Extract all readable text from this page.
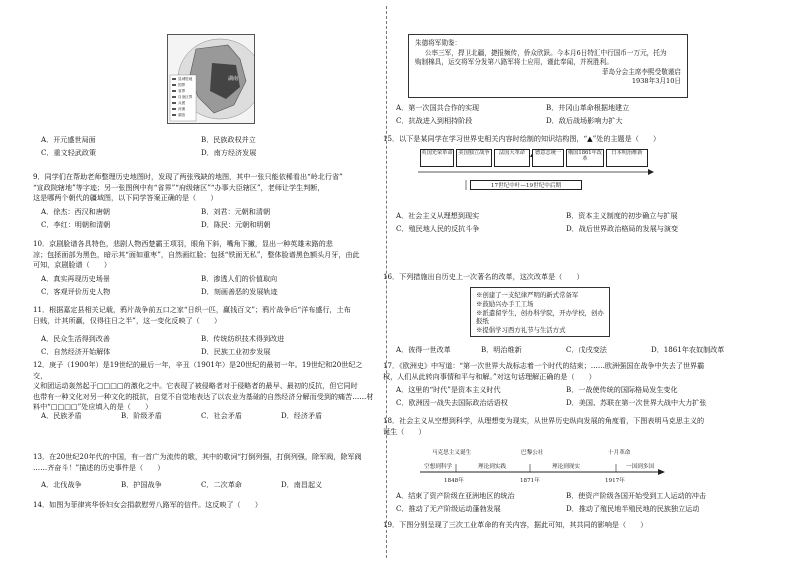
湖南
县城驻地
国界
省界
自治区界
兵团
河流
湖泊
A．开元盛世局面	B．民族政权并立
C．重文轻武政策	D．南方经济发展

9．同学们在帮助老师整理历史地图时，发现了两张残缺的地图，其中一张只能依稀看出“岭北行省”

“宣政院辖地”等字迹；另一张图例中有“省界”“府级辖区”“办事大臣辖区”，老师让学生判断，

这是哪两个朝代的疆域图，以下同学答案正确的是（　　）

A．徐杰：西汉和唐朝	B．刘君：元朝和清朝
C．李红：明朝和清朝	D．陈民：元朝和明朝

10．京剧脸谱各具特色，悲剧人物西楚霸王项羽，眼角下斜，嘴角下撇，显出一种英雄末路的悲

凉；包拯面部为黑色，暗示其“面如重枣”，自然画红脸；包拯“铁面无私”，整体脸谱黑色额头月牙，由此

可知，京剧脸谱（　　）

A．真实再现历史场景	B．渗透人们的价值取向
C．客观评价历史人物	D．刻画善恶的发展轨迹

11．根据嘉定县相关记载，鸦片战争前五口之家“日织一匹，赢钱百文”；鸦片战争后“洋布盛行，土布

日贱，计其所赢，仅得往日之半”，这一变化反映了（　　）

A．民众生活得到改善	B．传统纺织技术得到改进
C．自然经济开始解体	D．民族工业初步发展

12．庚子（1900年）是19世纪的最后一年，辛丑（1901年）是20世纪的最初一年。19世纪和20世纪之交，

义和团运动轰然起于□□□□的激化之中。它表现了被侵略者对于侵略者的最早、最初的反抗，但它同时

也带有一种文化对另一种文化的抵抗，自觉不自觉地表达了以农业为基础的自然经济分解而受到的痛苦……材

料中“□□□□”处应填入的是（　　）

A．民族矛盾	B．阶级矛盾	C．社会矛盾	D．经济矛盾

13．在20世纪20年代的中国，有一首广为流传的歌，其中的歌词“打倒列强，打倒列强，除军阀，除军阀

……齐奋斗！”描述的历史事件是（　　）

A．北伐战争	B．护国战争	C．二次革命	D．南昌起义

14．如图为菲律宾华侨妇女会捐款慰劳八路军的信件。这反映了（　　）

朱德将军勋鉴：
公率三军，捍卫北疆，捷报频传，侨众欣跃。今本月6日特汇中行国币一万元，托为
购制棉具，运交将军分发第八路军将士应用，谨此奉闻，并祝胜利。
菲岛分会主席李熙受敬谨启
1938年3月10日
A．第一次国共合作的实现	B．井冈山革命根据地建立
C．抗战进入到相持阶段	D．敌后战场影响力扩大

15．以下是某同学在学习世界史相关内容时绘制的知识结构图，“▲”处的主题是（　　）

英国光荣革命	美国独立战争	法国大革命	德意志统一	俄国1861年改革
日本明治维新
17世纪中叶—19世纪中后期
A．社会主义从理想到现实	B．资本主义制度的初步确立与扩展
C．殖民地人民的反抗斗争	D．战后世界政治格局的发展与演变

16．下列措施出自历史上一次著名的改革，这次改革是（　　）

※创建了一支纪律严明的新式常备军
※鼓励兴办手工工场
※派遣留学生，创办科学院，开办学校，创办报纸
※提倡学习西方礼节与生活方式
A．彼得一世改革	B．明治维新	C．戊戌变法	D．1861年农奴制改革

17．《欧洲史》中写道：“第一次世界大战标志着一个时代的结束；……欧洲强国在战争中失去了世界霸

权，人们从此转向事情和平与和解。”对这句话理解正确的是（　　）

A．这里的“时代”是资本主义时代	B．一战使传统的国际格局发生变化
C．欧洲因一战失去国际政治话语权	D．美国、苏联在第一次世界大战中大力扩张

18．社会主义从空想到科学，从理想变为现实，从世界历史纵向发展的角度看，下图表明马克思主义的

诞生（　　）

马克思主义诞生	巴黎公社	十月革命
空想到科学	理论到实践	理论到现实	一国到多国
1848年	1871年	1917年
A．结束了资产阶级在亚洲地区的统治	B．使资产阶级各国开始受到工人运动的冲击
C．推动了无产阶级运动蓬勃发展	D．推动了殖民地半殖民地的民族独立运动

19．下图分别呈现了三次工业革命的有关内容，据此可知，其共同的影响是（　　）
